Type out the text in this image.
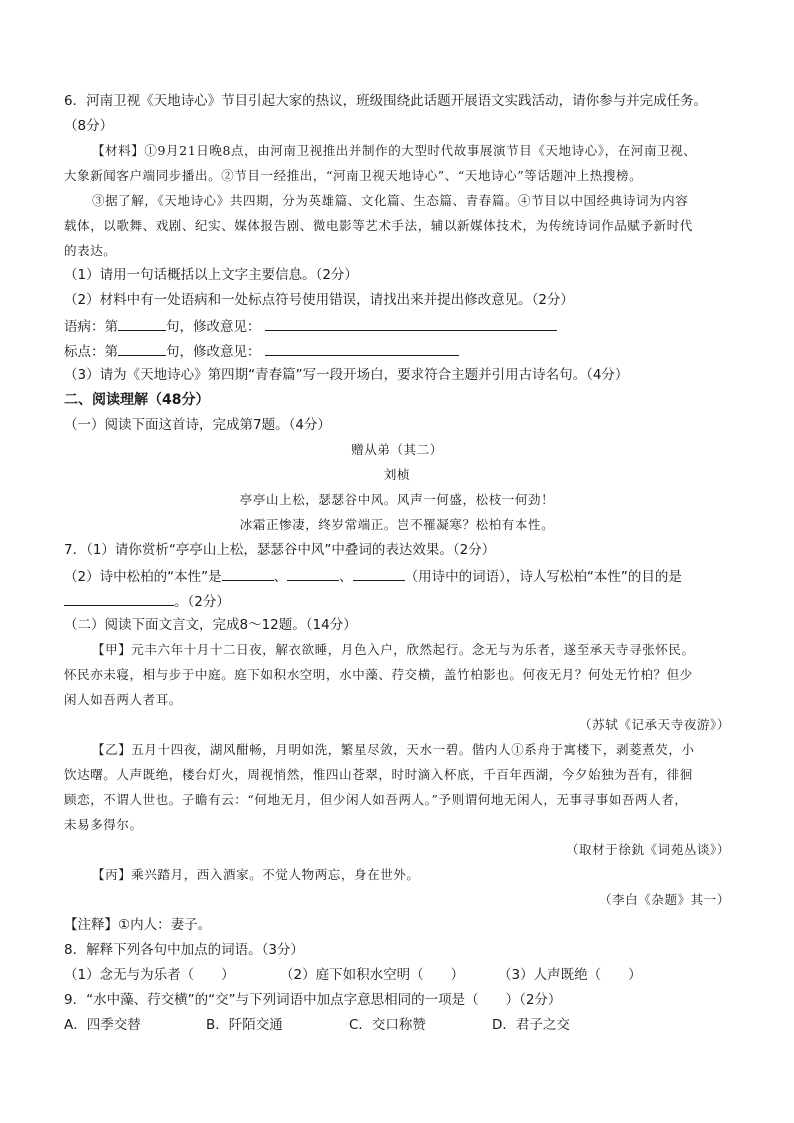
6．河南卫视《天地诗心》节目引起大家的热议，班级围绕此话题开展语文实践活动，请你参与并完成任务。
（8分）
【材料】①9月21日晚8点，由河南卫视推出并制作的大型时代故事展演节目《天地诗心》，在河南卫视、
大象新闻客户端同步播出。②节目一经推出，“河南卫视天地诗心”、“天地诗心”等话题冲上热搜榜。
③据了解，《天地诗心》共四期，分为英雄篇、文化篇、生态篇、青春篇。④节目以中国经典诗词为内容
载体，以歌舞、戏剧、纪实、媒体报告剧、微电影等艺术手法，辅以新媒体技术，为传统诗词作品赋予新时代
的表达。
（1）请用一句话概括以上文字主要信息。（2分）
（2）材料中有一处语病和一处标点符号使用错误，请找出来并提出修改意见。（2分）
语病：第	句，修改意见：
标点：第	句，修改意见：
（3）请为《天地诗心》第四期“青春篇”写一段开场白，要求符合主题并引用古诗名句。（4分）
二、阅读理解（48分）
（一）阅读下面这首诗，完成第7题。（4分）
赠从弟（其二）
刘桢
亭亭山上松，瑟瑟谷中风。风声一何盛，松枝一何劲！
冰霜正惨凄，终岁常端正。岂不罹凝寒？松柏有本性。
7．（1）请你赏析“亭亭山上松，瑟瑟谷中风”中叠词的表达效果。（2分）
（2）诗中松柏的“本性”是	、	、	（用诗中的词语），诗人写松柏“本性”的目的是
。（2分）
（二）阅读下面文言文，完成8～12题。（14分）
【甲】元丰六年十月十二日夜，解衣欲睡，月色入户，欣然起行。念无与为乐者，遂至承天寺寻张怀民。
怀民亦未寝，相与步于中庭。庭下如积水空明，水中藻、荇交横，盖竹柏影也。何夜无月？何处无竹柏？但少
闲人如吾两人者耳。
（苏轼《记承天寺夜游》）
【乙】五月十四夜，湖风酣畅，月明如洗，繁星尽敛，天水一碧。偕内人①系舟于寓楼下，剥菱煮芡，小
饮达曙。人声既绝，楼台灯火，周视悄然，惟四山苍翠，时时滴入杯底，千百年西湖，今夕始独为吾有，徘徊
顾恋，不谓人世也。子瞻有云：“何地无月，但少闲人如吾两人。”予则谓何地无闲人，无事寻事如吾两人者，
未易多得尔。
（取材于徐釚《词苑丛谈》）
【丙】乘兴踏月，西入酒家。不觉人物两忘，身在世外。
（李白《杂题》其一）
【注释】①内人：妻子。
8．解释下列各句中加点的词语。（3分）
（1）念无与为乐者（　　）	（2）庭下如积水空明（　　）	（3）人声既绝（　　）
9．“水中藻、荇交横”的“交”与下列词语中加点字意思相同的一项是（　　）（2分）
A．四季交替	B．阡陌交通	C．交口称赞	D．君子之交
